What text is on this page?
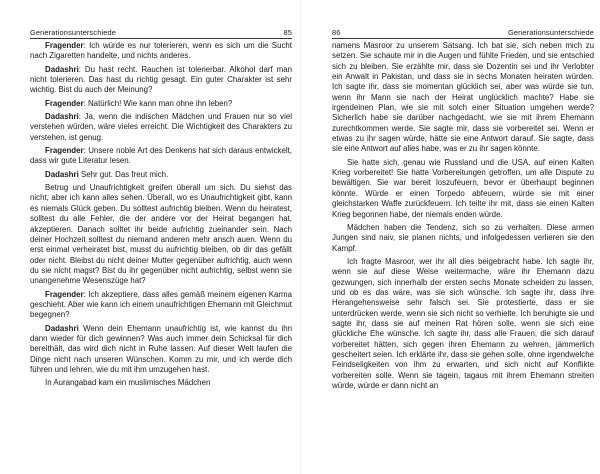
Generationsunterschiede	85

Fragender: Ich würde es nur tolerieren, wenn es sich um die Sucht nach Zigaretten handelte, und nichts anderes.

Dadashri: Du hast recht. Rauchen ist tolerierbar. Alkohol darf man nicht tolerieren. Das hast du richtig gesagt. Ein guter Charakter ist sehr wichtig. Bist du auch der Meinung?

Fragender: Natürlich! Wie kann man ohne ihn leben?

Dadashri: Ja, wenn die indischen Mädchen und Frauen nur so viel verstehen würden, wäre vieles erreicht. Die Wichtigkeit des Charakters zu verstehen, ist genug.

Fragender: Unsere noble Art des Denkens hat sich daraus entwickelt, dass wir gute Literatur lesen.

Dadashri Sehr gut. Das freut mich.

Betrug und Unaufrichtigkeit greifen überall um sich. Du siehst das nicht, aber ich kann alles sehen. Überall, wo es Unaufrichtigkeit gibt, kann es niemals Glück geben. Du solltest aufrichtig bleiben. Wenn du heiratest, solltest du alle Fehler, die der andere vor der Heirat begangen hat, akzeptieren. Danach solltet ihr beide aufrichtig zueinander sein. Nach deiner Hochzeit solltest du niemand anderen mehr ansch auen. Wenn du erst einmal verheiratet bist, musst du aufrichtig bleiben, ob dir das gefällt oder nicht. Bleibst du nicht deiner Mutter gegenüber aufrichtig, auch wenn du sie nicht magst? Bist du ihr gegenüber nicht aufrichtig, selbst wenn sie unangenehme Wesenszüge hat?

Fragender: Ich akzeptiere, dass alles gemäß meinem eigenen Karma geschieht. Aber wie kann ich einem unaufrichtigen Ehemann mit Gleichmut begegnen?

Dadashri Wenn dein Ehemann unaufrichtig ist, wie kannst du ihn dann wieder für dich gewinnen? Was auch immer dein Schicksal für dich bereithält, das wird dich nicht in Ruhe lassen. Auf dieser Welt laufen die Dinge nicht nach unseren Wünschen. Komm zu mir, und ich werde dich führen und lehren, wie du mit ihm umzugehen hast.

In Aurangabad kam ein muslimisches Mädchen

86	Generationsunterschiede

namens Masroor zu unserem Satsang. Ich bat sie, sich neben mich zu setzen. Sie schaute mir in die Augen und fühlte Frieden, und sie entschied sich zu bleiben. Sie erzählte mir, dass sie Dozentin sei und ihr Verlobter ein Anwalt in Pakistan, und dass sie in sechs Monaten heiraten würden. Ich sagte ihr, dass sie momentan glücklich sei, aber was würde sie tun, wenn ihr Mann sie nach der Heirat unglücklich machte? Habe sie irgendeinen Plan, wie sie mit solch einer Situation umgehen werde? Sicherlich habe sie darüber nachgedacht, wie sie mit ihrem Ehemann zurechtkommen werde. Sie sagte mir, dass sie vorbereitet sei. Wenn er etwas zu ihr sagen würde, hätte sie eine Antwort darauf. Sie sagte, dass sie eine Antwort auf alles habe, was er zu ihr sagen könnte.

Sie hatte sich, genau wie Russland und die USA, auf einen Kalten Krieg vorbereitet! Sie hatte Vorbereitungen getroffen, um alle Dispute zu bewältigen. Sie war bereit loszufeuern, bevor er überhaupt beginnen könnte. Würde er einen Torpedo abfeuern, würde sie mit einer gleichstarken Waffe zurückfeuern. Ich teilte ihr mit, dass sie einen Kalten Krieg begonnen habe, der niemals enden würde.

Mädchen haben die Tendenz, sich so zu verhalten. Diese armen Jungen sind naiv, sie planen nichts, und infolgedessen verlieren sie den Kampf.

Ich fragte Masroor, wer ihr all dies beigebracht habe. Ich sagte ihr, wenn sie auf diese Weise weitermache, wäre ihr Ehemann dazu gezwungen, sich innerhalb der ersten sechs Monate scheiden zu lassen, und ob es das wäre, was sie sich wünsche. Ich sagte ihr, dass ihre Herangehensweise sehr falsch sei. Sie protestierte, dass er sie unterdrücken werde, wenn sie sich nicht so verhielte. Ich beruhigte sie und sagte ihr, dass sie auf meinen Rat hören solle, wenn sie sich eine glückliche Ehe wünsche. Ich sagte ihr, dass alle Frauen, die sich darauf vorbereitet hätten, sich gegen ihren Ehemann zu wehren, jämmerlich gescheitert seien. Ich erklärte ihr, dass sie gehen solle, ohne irgendwelche Feindseligkeiten von ihm zu erwarten, und sich nicht auf Konflikte vorbereiten solle. Wenn sie tagein, tagaus mit ihrem Ehemann streiten würde, würde er dann nicht an
